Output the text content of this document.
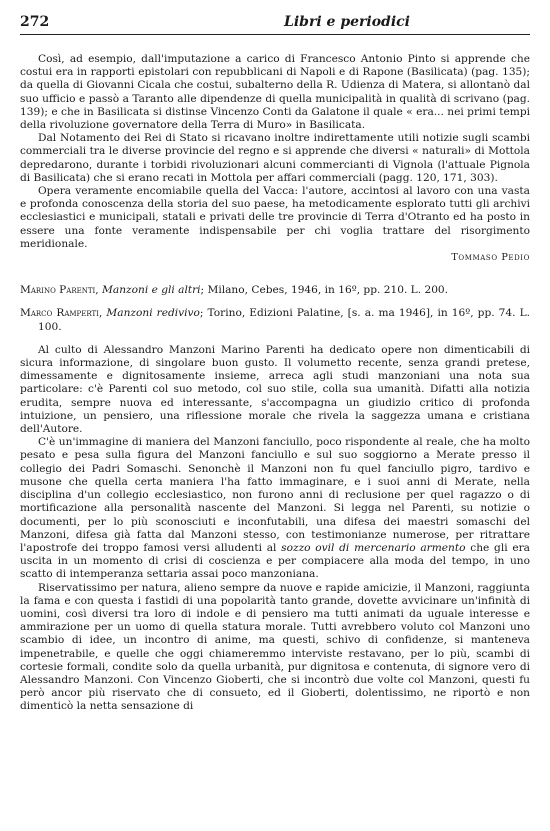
272	Libri e periodici

Così, ad esempio, dall'imputazione a carico di Francesco Antonio Pinto si apprende che costui era in rapporti epistolari con repubblicani di Napoli e di Rapone (Basilicata) (pag. 135); da quella di Giovanni Cicala che costui, subalterno della R. Udienza di Matera, si allontanò dal suo ufficio e passò a Taranto alle dipendenze di quella municipalità in qualità di scrivano (pag. 139); e che in Basilicata si distinse Vincenzo Conti da Galatone il quale « era... nei primi tempi della rivoluzione governatore della Terra di Muro» in Basilicata.

Dal Notamento dei Rei di Stato si ricavano inoltre indirettamente utili notizie sugli scambi commerciali tra le diverse provincie del regno e si apprende che diversi « naturali» di Mottola depredarono, durante i torbidi rivoluzionari alcuni commercianti di Vignola (l'attuale Pignola di Basilicata) che si erano recati in Mottola per affari commerciali (pagg. 120, 171, 303).

Opera veramente encomiabile quella del Vacca: l'autore, accintosi al lavoro con una vasta e profonda conoscenza della storia del suo paese, ha metodicamente esplorato tutti gli archivi ecclesiastici e municipali, statali e privati delle tre provincie di Terra d'Otranto ed ha posto in essere una fonte veramente indispensabile per chi voglia trattare del risorgimento meridionale.

Tommaso Pedio

Marino Parenti, Manzoni e gli altri; Milano, Cebes, 1946, in 16º, pp. 210. L. 200.

Marco Ramperti, Manzoni redivivo; Torino, Edizioni Palatine, [s. a. ma 1946], in 16º, pp. 74. L. 100.

Al culto di Alessandro Manzoni Marino Parenti ha dedicato opere non dimenticabili di sicura informazione, di singolare buon gusto. Il volumetto recente, senza grandi pretese, dimessamente e dignitosamente insieme, arreca agli studi manzoniani una nota sua particolare: c'è Parenti col suo metodo, col suo stile, colla sua umanità. Difatti alla notizia erudita, sempre nuova ed interessante, s'accompagna un giudizio critico di profonda intuizione, un pensiero, una riflessione morale che rivela la saggezza umana e cristiana dell'Autore.

C'è un'immagine di maniera del Manzoni fanciullo, poco rispondente al reale, che ha molto pesato e pesa sulla figura del Manzoni fanciullo e sul suo soggiorno a Merate presso il collegio dei Padri Somaschi. Senonchè il Manzoni non fu quel fanciullo pigro, tardivo e musone che quella certa maniera l'ha fatto immaginare, e i suoi anni di Merate, nella disciplina d'un collegio ecclesiastico, non furono anni di reclusione per quel ragazzo o di mortificazione alla personalità nascente del Manzoni. Si legga nel Parenti, su notizie o documenti, per lo più sconosciuti e inconfutabili, una difesa dei maestri somaschi del Manzoni, difesa già fatta dal Manzoni stesso, con testimonianze numerose, per ritrattare l'apostrofe dei troppo famosi versi alludenti al sozzo ovil di mercenario armento che gli era uscita in un momento di crisi di coscienza e per compiacere alla moda del tempo, in uno scatto di intemperanza settaria assai poco manzoniana.

Riservatissimo per natura, alieno sempre da nuove e rapide amicizie, il Manzoni, raggiunta la fama e con questa i fastidi di una popolarità tanto grande, dovette avvicinare un'infinità di uomini, così diversi tra loro di indole e di pensiero ma tutti animati da uguale interesse e ammirazione per un uomo di quella statura morale. Tutti avrebbero voluto col Manzoni uno scambio di idee, un incontro di anime, ma questi, schivo di confidenze, si manteneva impenetrabile, e quelle che oggi chiameremmo interviste restavano, per lo più, scambi di cortesie formali, condite solo da quella urbanità, pur dignitosa e contenuta, di signore vero di Alessandro Manzoni. Con Vincenzo Gioberti, che si incontrò due volte col Manzoni, questi fu però ancor più riservato che di consueto, ed il Gioberti, dolentissimo, ne riportò e non dimenticò la netta sensazione di
